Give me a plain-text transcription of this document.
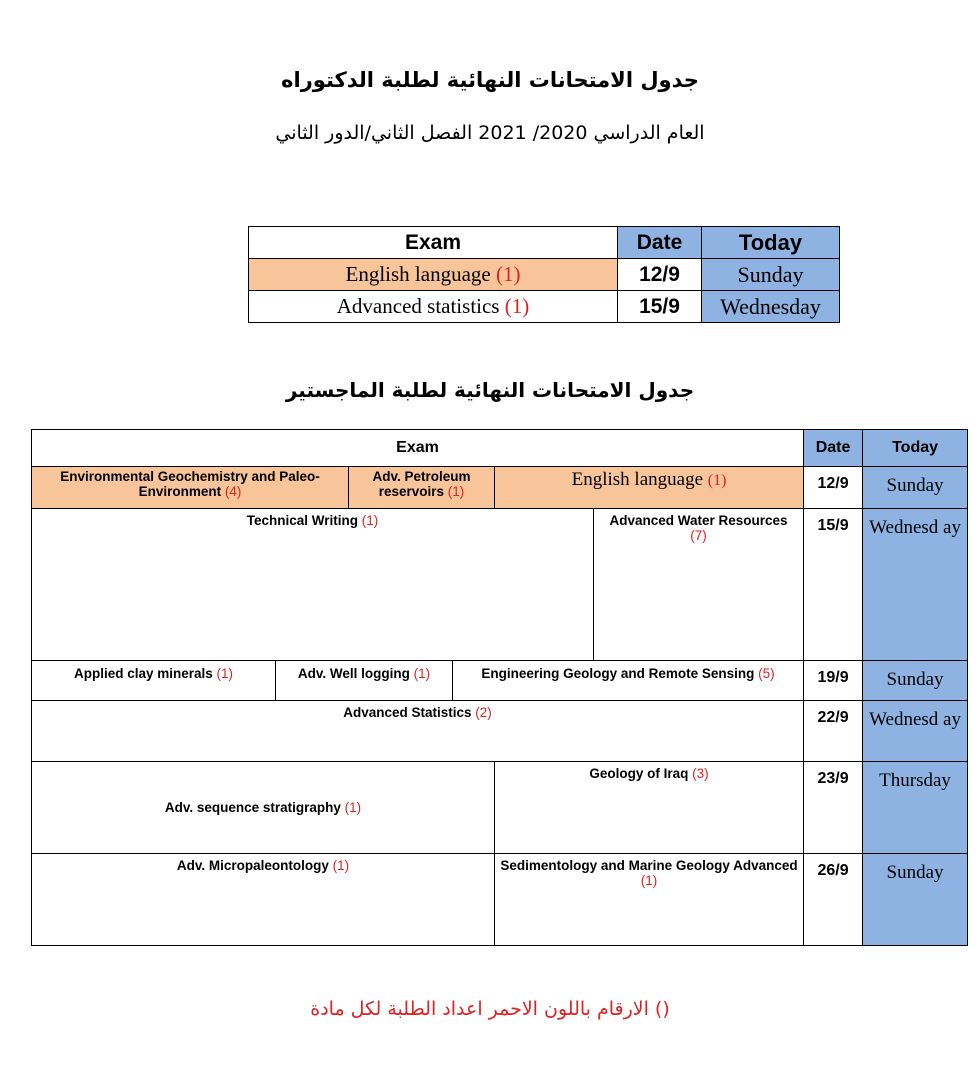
جدول الامتحانات النهائية لطلبة الدكتوراه
العام الدراسي 2020/ 2021 الفصل الثاني/الدور الثاني
Exam	Date	Today
English language (1)	12/9	Sunday
Advanced statistics (1)	15/9	Wednesday
جدول الامتحانات النهائية لطلبة الماجستير
Exam						Date	Today
Environmental Geochemistry and Paleo-Environment (4)		Adv. Petroleum reservoirs (1)		English language (1)		12/9	Sunday
Technical Writing (1)					Advanced Water Resources
(7)	15/9	Wednesd ay
Applied clay minerals (1)	Adv. Well logging (1)		Engineering Geology and Remote Sensing (5)			19/9	Sunday
Advanced Statistics (2)						22/9	Wednesd ay
Adv. sequence stratigraphy (1)				Geology of Iraq (3)		23/9	Thursday
Adv. Micropaleontology (1)				Sedimentology and Marine Geology Advanced
(1)		26/9	Sunday
() الارقام باللون الاحمر اعداد الطلبة لكل مادة
